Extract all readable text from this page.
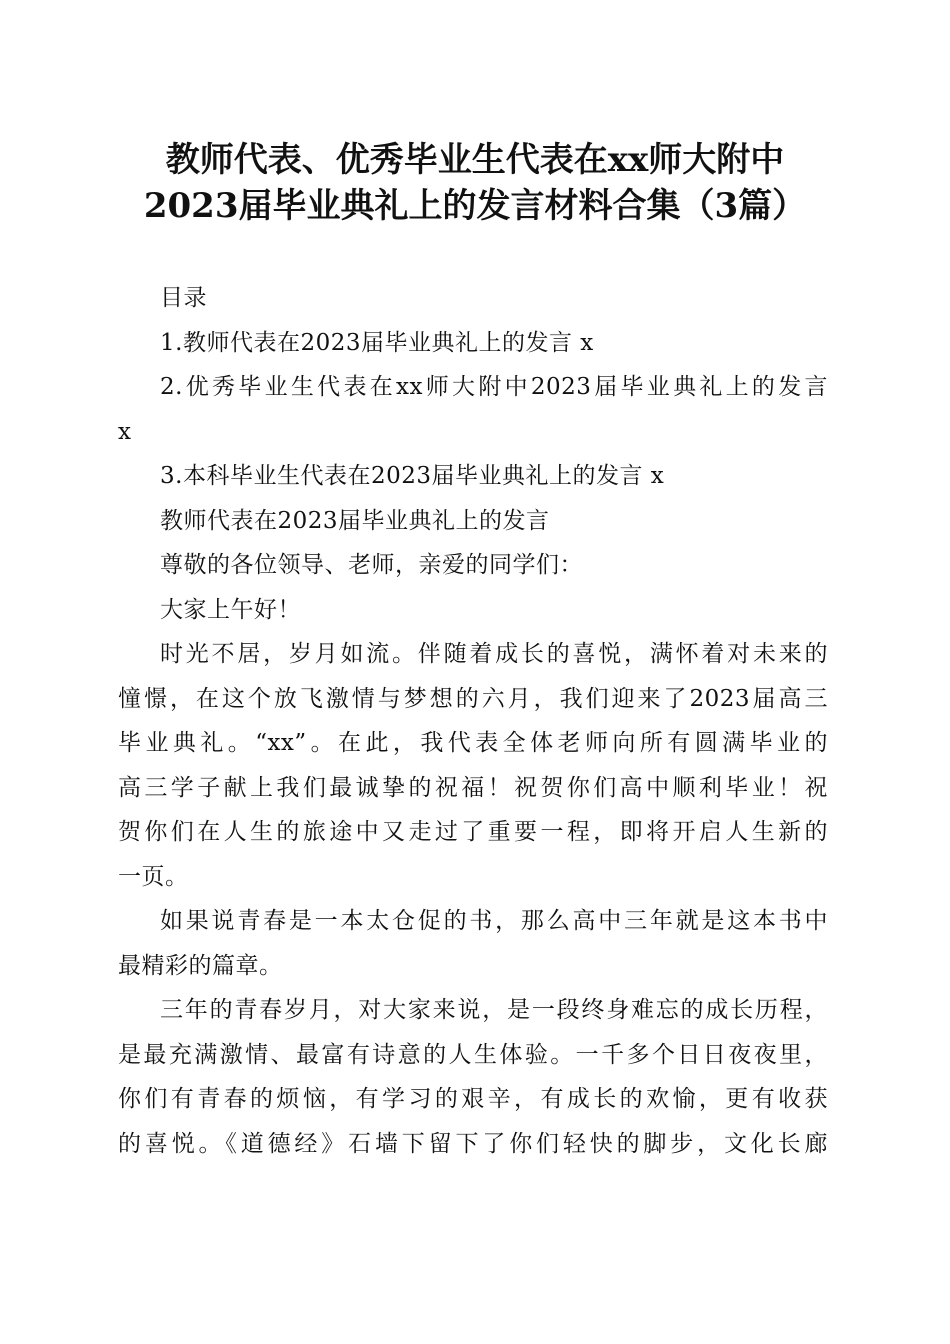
教师代表、优秀毕业生代表在xx师大附中
2023届毕业典礼上的发言材料合集（3篇）
目录
1.教师代表在2023届毕业典礼上的发言 x
2.优秀毕业生代表在xx师大附中2023届毕业典礼上的发言
x
3.本科毕业生代表在2023届毕业典礼上的发言 x
教师代表在2023届毕业典礼上的发言
尊敬的各位领导、老师，亲爱的同学们：
大家上午好！
时光不居，岁月如流。伴随着成长的喜悦，满怀着对未来的
憧憬，在这个放飞激情与梦想的六月，我们迎来了2023届高三
毕业典礼。“xx”。在此，我代表全体老师向所有圆满毕业的
高三学子献上我们最诚挚的祝福！祝贺你们高中顺利毕业！祝
贺你们在人生的旅途中又走过了重要一程，即将开启人生新的
一页。
如果说青春是一本太仓促的书，那么高中三年就是这本书中
最精彩的篇章。
三年的青春岁月，对大家来说，是一段终身难忘的成长历程，
是最充满激情、最富有诗意的人生体验。一千多个日日夜夜里，
你们有青春的烦恼，有学习的艰辛，有成长的欢愉，更有收获
的喜悦。《道德经》石墙下留下了你们轻快的脚步，文化长廊
